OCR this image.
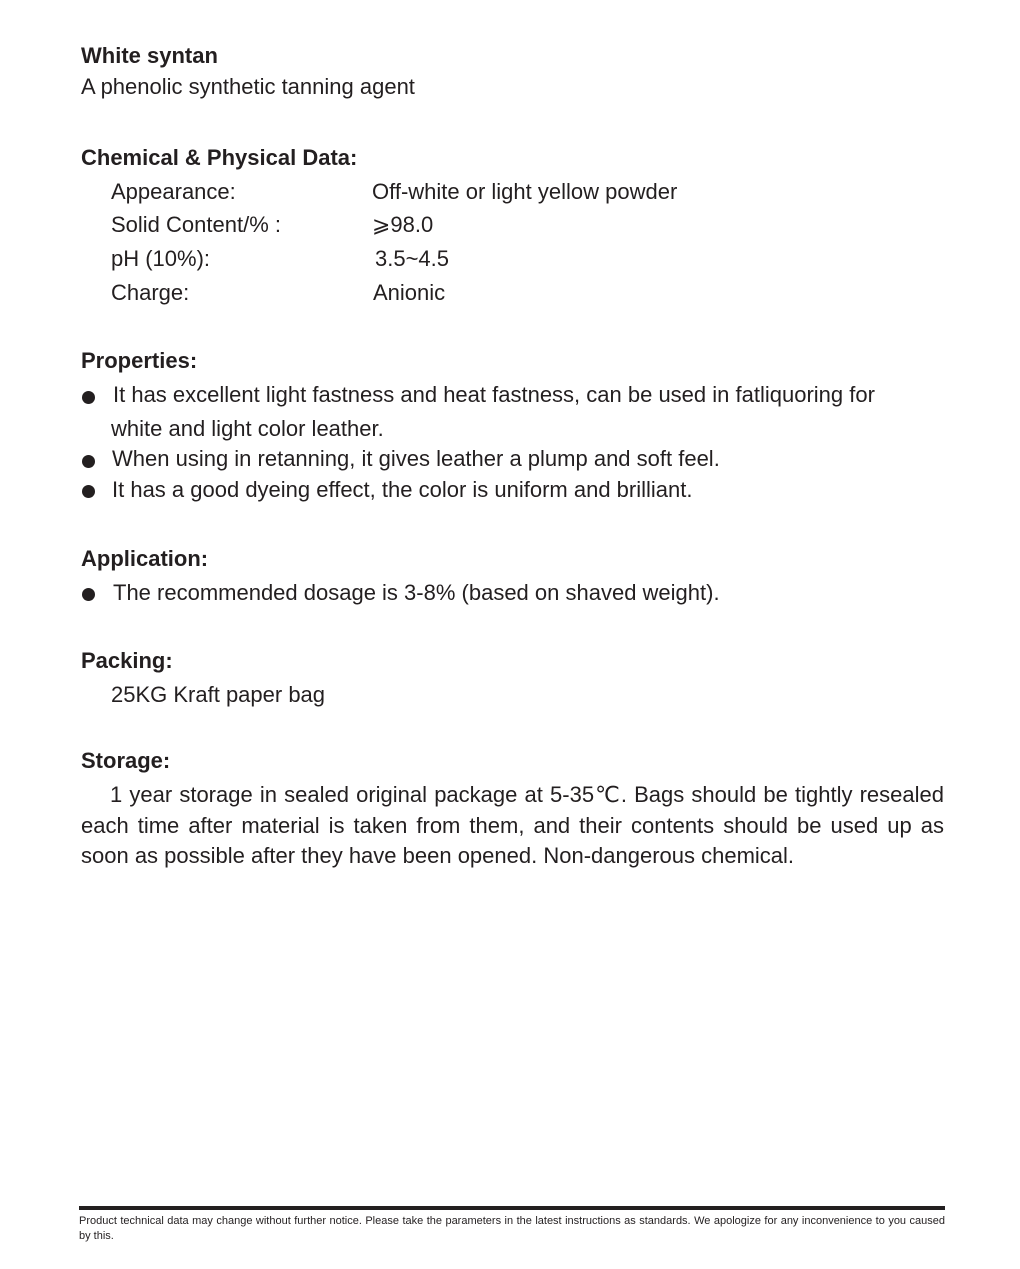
White syntan
A phenolic synthetic tanning agent
Chemical & Physical Data:
Appearance:	Off-white or light yellow powder
Solid Content/% :	⩾98.0
pH (10%):	3.5~4.5
Charge:	Anionic
Properties:
It has excellent light fastness and heat fastness, can be used in fatliquoring for
white and light color leather.
When using in retanning, it gives leather a plump and soft feel.
It has a good dyeing effect, the color is uniform and brilliant.
Application:
The recommended dosage is 3-8% (based on shaved weight).
Packing:
25KG Kraft paper bag
Storage:
1 year storage in sealed original package at 5-35℃. Bags should be tightly resealed each time after material is taken from them, and their contents should be used up as soon as possible after they have been opened. Non-dangerous chemical.
Product technical data may change without further notice. Please take the parameters in the latest instructions as standards. We apologize for any inconvenience to you caused by this.
